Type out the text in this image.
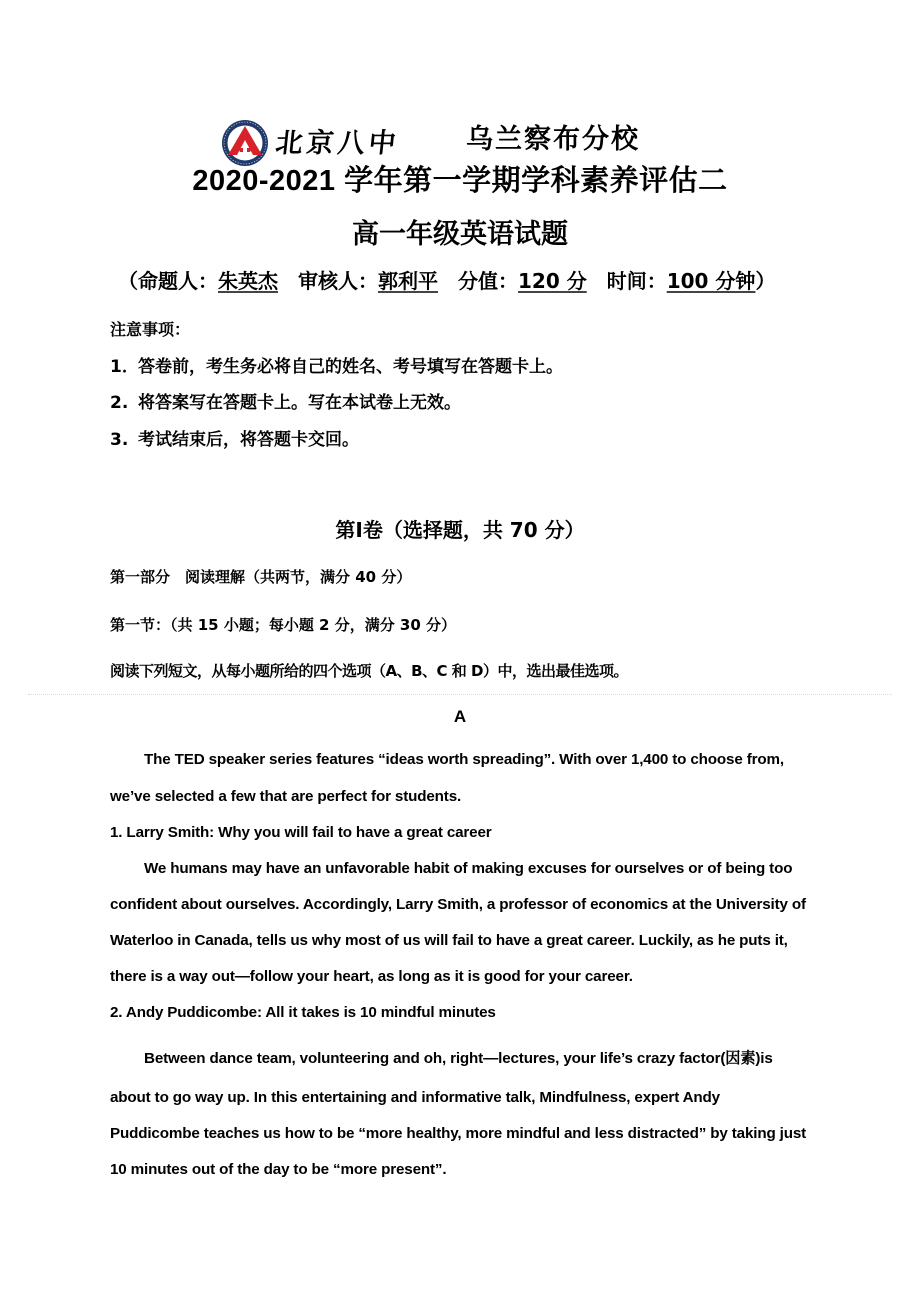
北京八中 乌兰察布分校
2020-2021 学年第一学期学科素养评估二
高一年级英语试题
（命题人：朱英杰 审核人：郭利平 分值：120 分 时间：100 分钟）
注意事项：
1．答卷前，考生务必将自己的姓名、考号填写在答题卡上。
2. 将答案写在答题卡上。写在本试卷上无效。
3. 考试结束后，将答题卡交回。
第Ⅰ卷（选择题，共 70 分）
第一部分　阅读理解（共两节，满分 40 分）
第一节：（共 15 小题；每小题 2 分，满分 30 分）
阅读下列短文，从每小题所给的四个选项（A、B、C 和 D）中，选出最佳选项。
A
The TED speaker series features “ideas worth spreading”. With over 1,400 to choose from,
we’ve selected a few that are perfect for students.
1. Larry Smith: Why you will fail to have a great career
We humans may have an unfavorable habit of making excuses for ourselves or of being too
confident about ourselves. Accordingly, Larry Smith, a professor of economics at the University of
Waterloo in Canada, tells us why most of us will fail to have a great career. Luckily, as he puts it,
there is a way out—follow your heart, as long as it is good for your career.
2. Andy Puddicombe: All it takes is 10 mindful minutes
Between dance team, volunteering and oh, right—lectures, your life’s crazy factor(因素)is
about to go way up. In this entertaining and informative talk, Mindfulness, expert Andy
Puddicombe teaches us how to be “more healthy, more mindful and less distracted” by taking just
10 minutes out of the day to be “more present”.
